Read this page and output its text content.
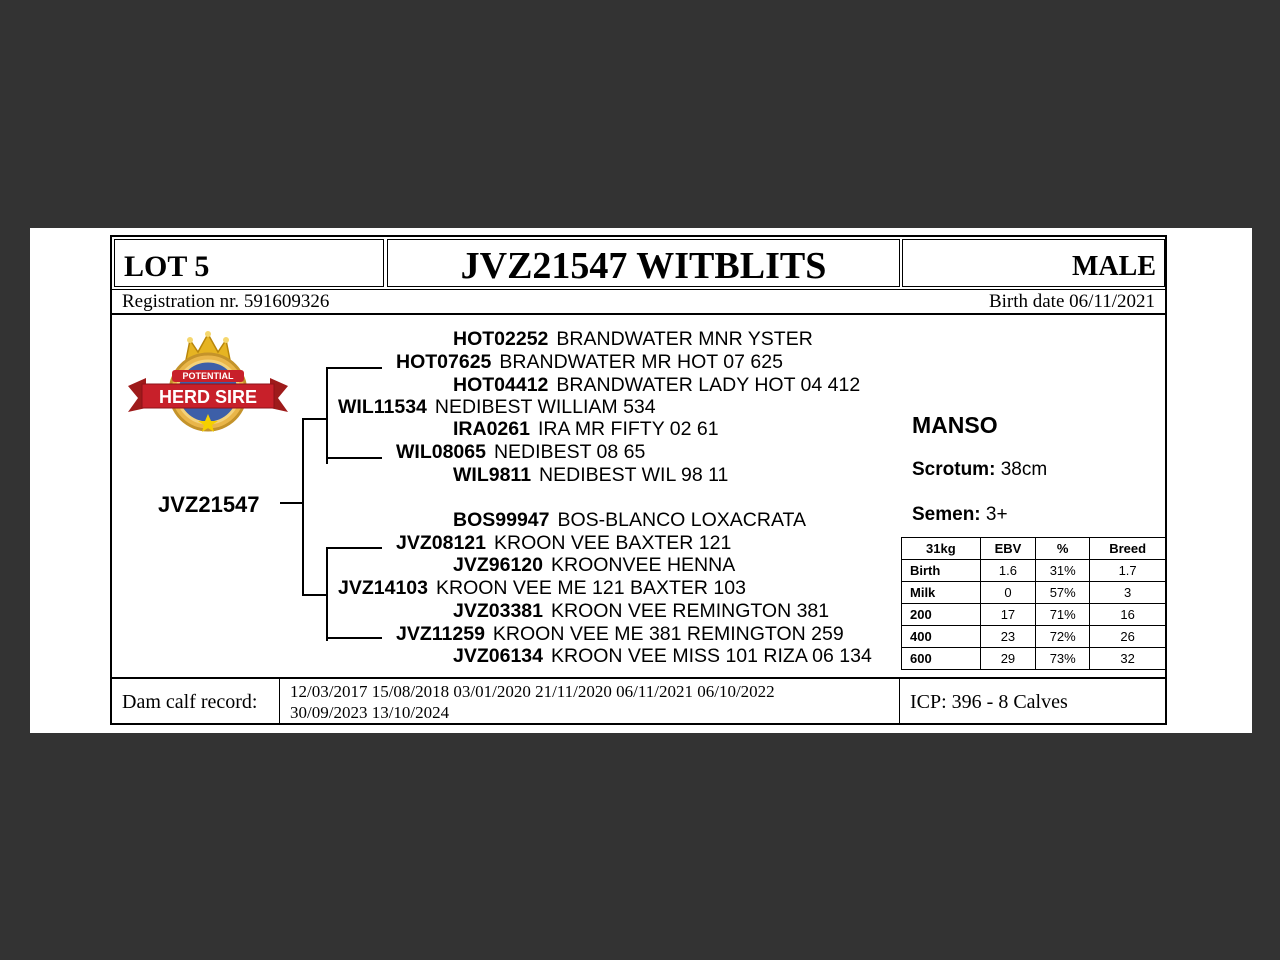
LOT 5	JVZ21547 WITBLITS	MALE
Registration nr. 591609326	Birth date 06/11/2021
POTENTIAL
HERD SIRE
JVZ21547
HOT02252 BRANDWATER MNR YSTER
HOT07625 BRANDWATER MR HOT 07 625
HOT04412 BRANDWATER LADY HOT 04 412
WIL11534 NEDIBEST WILLIAM 534
IRA0261 IRA MR FIFTY 02 61
WIL08065 NEDIBEST 08 65
WIL9811 NEDIBEST WIL 98 11
BOS99947 BOS-BLANCO LOXACRATA
JVZ08121 KROON VEE BAXTER 121
JVZ96120 KROONVEE HENNA
JVZ14103 KROON VEE ME 121 BAXTER 103
JVZ03381 KROON VEE REMINGTON 381
JVZ11259 KROON VEE ME 381 REMINGTON 259
JVZ06134 KROON VEE MISS 101 RIZA 06 134
MANSO
Scrotum: 38cm
Semen: 3+
31kg	EBV	%	Breed
Birth	1.6	31%	1.7
Milk	0	57%	3
200	17	71%	16
400	23	72%	26
600	29	73%	32
Dam calf record: 12/03/2017 15/08/2018 03/01/2020 21/11/2020 06/11/2021 06/10/2022
30/09/2023 13/10/2024	ICP: 396 - 8 Calves
